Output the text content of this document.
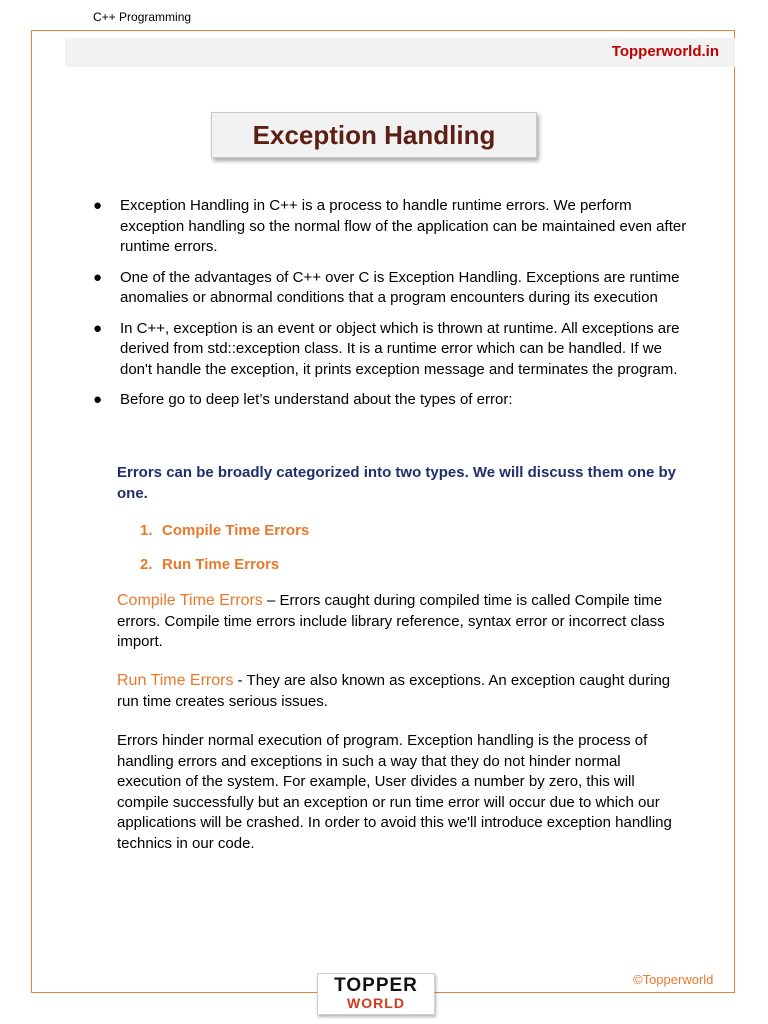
C++ Programming
Topperworld.in
Exception Handling
● Exception Handling in C++ is a process to handle runtime errors. We perform exception handling so the normal flow of the application can be maintained even after runtime errors.
● One of the advantages of C++ over C is Exception Handling. Exceptions are runtime anomalies or abnormal conditions that a program encounters during its execution
● In C++, exception is an event or object which is thrown at runtime. All exceptions are derived from std::exception class. It is a runtime error which can be handled. If we don't handle the exception, it prints exception message and terminates the program.
● Before go to deep let’s understand about the types of error:
Errors can be broadly categorized into two types. We will discuss them one by one.
1. Compile Time Errors
2. Run Time Errors
Compile Time Errors – Errors caught during compiled time is called Compile time errors. Compile time errors include library reference, syntax error or incorrect class import.
Run Time Errors - They are also known as exceptions. An exception caught during run time creates serious issues.
Errors hinder normal execution of program. Exception handling is the process of handling errors and exceptions in such a way that they do not hinder normal execution of the system. For example, User divides a number by zero, this will compile successfully but an exception or run time error will occur due to which our applications will be crashed. In order to avoid this we'll introduce exception handling technics in our code.
TOPPER
WORLD
©Topperworld
